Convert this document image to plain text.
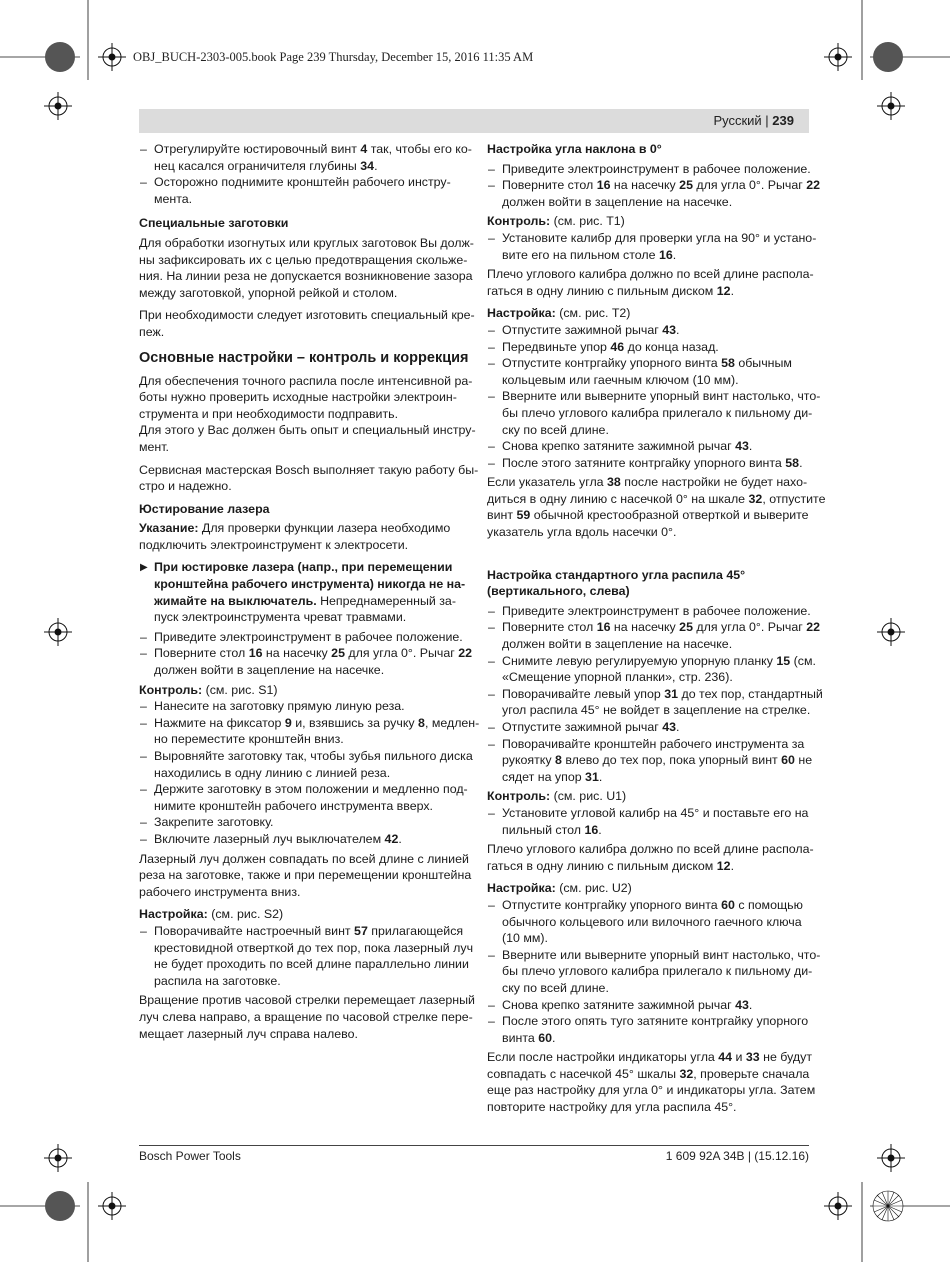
OBJ_BUCH-2303-005.book Page 239 Thursday, December 15, 2016 11:35 AM
Русский | 239
– Отрегулируйте юстировочный винт 4 так, чтобы его ко-
нец касался ограничителя глубины 34.
– Осторожно поднимите кронштейн рабочего инстру-
мента.
Специальные заготовки
Для обработки изогнутых или круглых заготовок Вы долж-
ны зафиксировать их с целью предотвращения скольже-
ния. На линии реза не допускается возникновение зазора
между заготовкой, упорной рейкой и столом.
При необходимости следует изготовить специальный кре-
пеж.
Основные настройки – контроль и коррекция
Для обеспечения точного распила после интенсивной ра-
боты нужно проверить исходные настройки электроин-
струмента и при необходимости подправить.
Для этого у Вас должен быть опыт и специальный инстру-
мент.
Сервисная мастерская Bosch выполняет такую работу бы-
стро и надежно.
Юстирование лазера
Указание: Для проверки функции лазера необходимо
подключить электроинструмент к электросети.
▶ При юстировке лазера (напр., при перемещении
кронштейна рабочего инструмента) никогда не на-
жимайте на выключатель. Непреднамеренный за-
пуск электроинструмента чреват травмами.
– Приведите электроинструмент в рабочее положение.
– Поверните стол 16 на насечку 25 для угла 0°. Рычаг 22
должен войти в зацепление на насечке.
Контроль: (см. рис. S1)
– Нанесите на заготовку прямую линую реза.
– Нажмите на фиксатор 9 и, взявшись за ручку 8, медлен-
но переместите кронштейн вниз.
– Выровняйте заготовку так, чтобы зубья пильного диска
находились в одну линию с линией реза.
– Держите заготовку в этом положении и медленно под-
нимите кронштейн рабочего инструмента вверх.
– Закрепите заготовку.
– Включите лазерный луч выключателем 42.
Лазерный луч должен совпадать по всей длине с линией
реза на заготовке, также и при перемещении кронштейна
рабочего инструмента вниз.
Настройка: (см. рис. S2)
– Поворачивайте настроечный винт 57 прилагающейся
крестовидной отверткой до тех пор, пока лазерный луч
не будет проходить по всей длине параллельно линии
распила на заготовке.
Вращение против часовой стрелки перемещает лазерный
луч слева направо, а вращение по часовой стрелке пере-
мещает лазерный луч справа налево.
Настройка угла наклона в 0°
– Приведите электроинструмент в рабочее положение.
– Поверните стол 16 на насечку 25 для угла 0°. Рычаг 22
должен войти в зацепление на насечке.
Контроль: (см. рис. T1)
– Установите калибр для проверки угла на 90° и устано-
вите его на пильном столе 16.
Плечо углового калибра должно по всей длине распола-
гаться в одну линию с пильным диском 12.
Настройка: (см. рис. T2)
– Отпустите зажимной рычаг 43.
– Передвиньте упор 46 до конца назад.
– Отпустите контргайку упорного винта 58 обычным
кольцевым или гаечным ключом (10 мм).
– Вверните или выверните упорный винт настолько, что-
бы плечо углового калибра прилегало к пильному ди-
ску по всей длине.
– Снова крепко затяните зажимной рычаг 43.
– После этого затяните контргайку упорного винта 58.
Если указатель угла 38 после настройки не будет нахо-
диться в одну линию с насечкой 0° на шкале 32, отпустите
винт 59 обычной крестообразной отверткой и выверите
указатель угла вдоль насечки 0°.
Настройка стандартного угла распила 45°
(вертикального, слева)
– Приведите электроинструмент в рабочее положение.
– Поверните стол 16 на насечку 25 для угла 0°. Рычаг 22
должен войти в зацепление на насечке.
– Снимите левую регулируемую упорную планку 15 (см.
«Смещение упорной планки», стр. 236).
– Поворачивайте левый упор 31 до тех пор, стандартный
угол распила 45° не войдет в зацепление на стрелке.
– Отпустите зажимной рычаг 43.
– Поворачивайте кронштейн рабочего инструмента за
рукоятку 8 влево до тех пор, пока упорный винт 60 не
сядет на упор 31.
Контроль: (см. рис. U1)
– Установите угловой калибр на 45° и поставьте его на
пильный стол 16.
Плечо углового калибра должно по всей длине распола-
гаться в одну линию с пильным диском 12.
Настройка: (см. рис. U2)
– Отпустите контргайку упорного винта 60 с помощью
обычного кольцевого или вилочного гаечного ключа
(10 мм).
– Вверните или выверните упорный винт настолько, что-
бы плечо углового калибра прилегало к пильному ди-
ску по всей длине.
– Снова крепко затяните зажимной рычаг 43.
– После этого опять туго затяните контргайку упорного
винта 60.
Если после настройки индикаторы угла 44 и 33 не будут
совпадать с насечкой 45° шкалы 32, проверьте сначала
еще раз настройку для угла 0° и индикаторы угла. Затем
повторите настройку для угла распила 45°.
Bosch Power Tools	1 609 92A 34B | (15.12.16)
